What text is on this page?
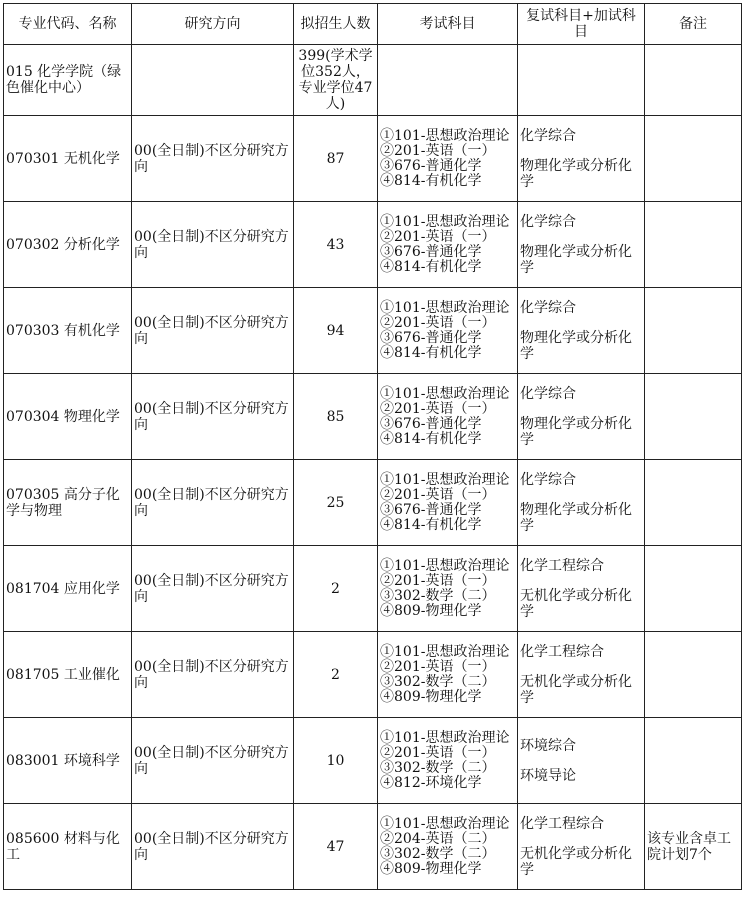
专业代码、名称	研究方向	拟招生人数	考试科目	复试科目+加试科目	备注
015 化学学院（绿色催化中心）		399(学术学位352人，专业学位47人)			
070301 无机化学	00(全日制)不区分研究方向	87	①101-思想政治理论
②201-英语（一）
③676-普通化学
④814-有机化学	化学综合
物理化学或分析化学	

070302 分析化学	00(全日制)不区分研究方向	43	①101-思想政治理论
②201-英语（一）
③676-普通化学
④814-有机化学	化学综合
物理化学或分析化学	

070303 有机化学	00(全日制)不区分研究方向	94	①101-思想政治理论
②201-英语（一）
③676-普通化学
④814-有机化学	化学综合
物理化学或分析化学	

070304 物理化学	00(全日制)不区分研究方向	85	①101-思想政治理论
②201-英语（一）
③676-普通化学
④814-有机化学	化学综合
物理化学或分析化学	

070305 高分子化学与物理	00(全日制)不区分研究方向	25	①101-思想政治理论
②201-英语（一）
③676-普通化学
④814-有机化学	化学综合
物理化学或分析化学	

081704 应用化学	00(全日制)不区分研究方向	2	①101-思想政治理论
②201-英语（一）
③302-数学（二）
④809-物理化学	化学工程综合
无机化学或分析化学	

081705 工业催化	00(全日制)不区分研究方向	2	①101-思想政治理论
②201-英语（一）
③302-数学（二）
④809-物理化学	化学工程综合
无机化学或分析化学	

083001 环境科学	00(全日制)不区分研究方向	10	①101-思想政治理论
②201-英语（一）
③302-数学（二）
④812-环境化学	环境综合
环境导论	

085600 材料与化工	00(全日制)不区分研究方向	47	①101-思想政治理论
②204-英语（二）
③302-数学（二）
④809-物理化学	化学工程综合
无机化学或分析化学	该专业含卓工院计划7个
